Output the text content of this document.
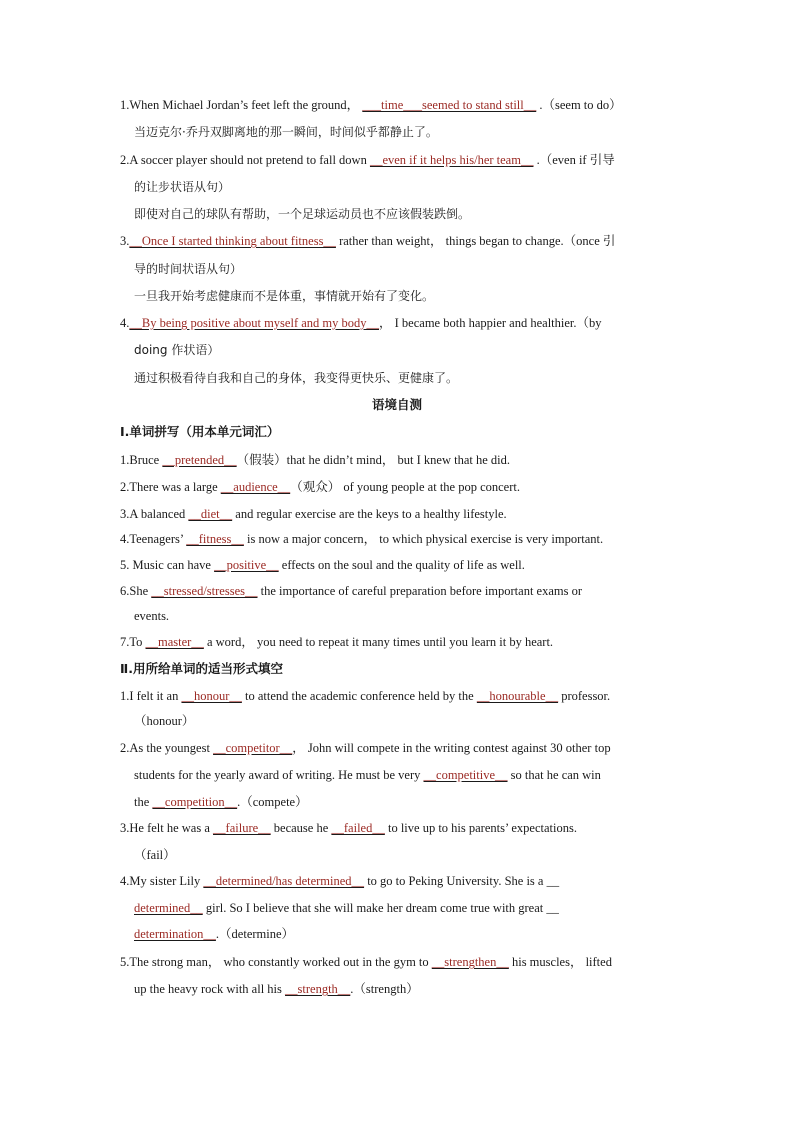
1.When Michael Jordan’s feet left the ground， ___time___seemed to stand still__ .（seem to do）
当迈克尔·乔丹双脚离地的那一瞬间，时间似乎都静止了。
2.A soccer player should not pretend to fall down __even if it helps his/her team__ .（even if 引导
的让步状语从句）
即使对自己的球队有帮助，一个足球运动员也不应该假装跌倒。
3.__Once I started thinking about fitness__ rather than weight， things began to change.（once 引
导的时间状语从句）
一旦我开始考虑健康而不是体重，事情就开始有了变化。
4.__By being positive about myself and my body__， I became both happier and healthier.（by
doing 作状语）
通过积极看待自我和自己的身体，我变得更快乐、更健康了。
语境自测
Ⅰ.单词拼写（用本单元词汇）
1.Bruce __pretended__（假装）that he didn’t mind， but I knew that he did.
2.There was a large __audience__（观众） of young people at the pop concert.
3.A balanced __diet__ and regular exercise are the keys to a healthy lifestyle.
4.Teenagers’ __fitness__ is now a major concern， to which physical exercise is very important.
5. Music can have __positive__ effects on the soul and the quality of life as well.
6.She __stressed/stresses__ the importance of careful preparation before important exams or
events.
7.To __master__ a word， you need to repeat it many times until you learn it by heart.
Ⅱ.用所给单词的适当形式填空
1.I felt it an __honour__ to attend the academic conference held by the __honourable__ professor.
（honour）
2.As the youngest __competitor__， John will compete in the writing contest against 30 other top
students for the yearly award of writing. He must be very __competitive__ so that he can win
the __competition__.（compete）
3.He felt he was a __failure__ because he __failed__ to live up to his parents’ expectations.
（fail）
4.My sister Lily __determined/has determined__ to go to Peking University. She is a __
determined__ girl. So I believe that she will make her dream come true with great __
determination__.（determine）
5.The strong man， who constantly worked out in the gym to __strengthen__ his muscles， lifted
up the heavy rock with all his __strength__.（strength）
